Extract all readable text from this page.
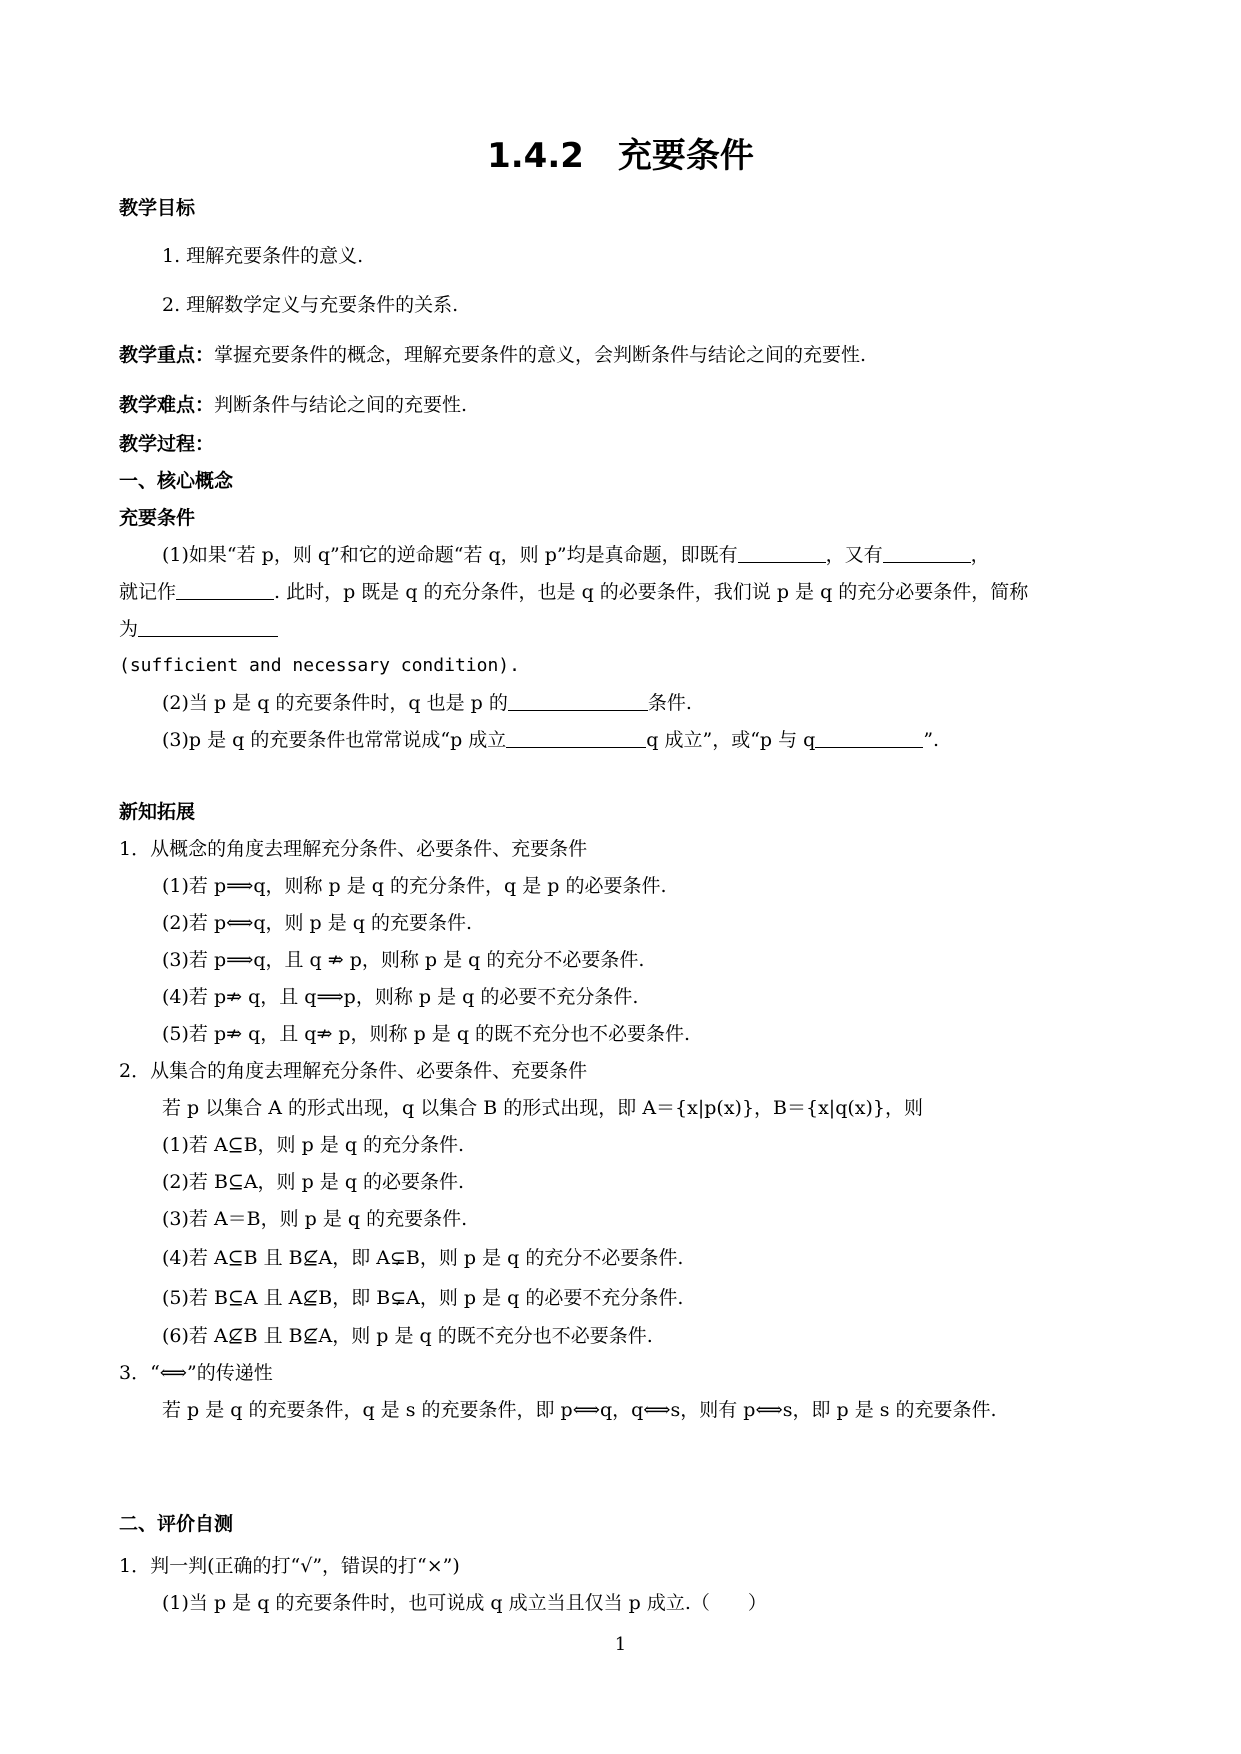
1.4.2　充要条件
教学目标
1. 理解充要条件的意义.
2. 理解数学定义与充要条件的关系.
教学重点：掌握充要条件的概念，理解充要条件的意义，会判断条件与结论之间的充要性.
教学难点：判断条件与结论之间的充要性.
教学过程：
一、核心概念
充要条件
(1)如果“若 p，则 q”和它的逆命题“若 q，则 p”均是真命题，即既有	，又有	，
就记作	. 此时，p 既是 q 的充分条件，也是 q 的必要条件，我们说 p 是 q 的充分必要条件，简称
为
(sufficient and necessary condition).
(2)当 p 是 q 的充要条件时，q 也是 p 的	条件.
(3)p 是 q 的充要条件也常常说成“p 成立	q 成立”，或“p 与 q	”.
新知拓展
1．从概念的角度去理解充分条件、必要条件、充要条件
(1)若 p⟹q，则称 p 是 q 的充分条件，q 是 p 的必要条件.
(2)若 p⟺q，则 p 是 q 的充要条件.
(3)若 p⟹q，且 q ⇏ p，则称 p 是 q 的充分不必要条件.
(4)若 p⇏ q，且 q⟹p，则称 p 是 q 的必要不充分条件.
(5)若 p⇏ q，且 q⇏ p，则称 p 是 q 的既不充分也不必要条件.
2．从集合的角度去理解充分条件、必要条件、充要条件
若 p 以集合 A 的形式出现，q 以集合 B 的形式出现，即 A＝{x|p(x)}，B＝{x|q(x)}，则
(1)若 A⊆B，则 p 是 q 的充分条件.
(2)若 B⊆A，则 p 是 q 的必要条件.
(3)若 A＝B，则 p 是 q 的充要条件.
(4)若 A⊆B 且 B⊈A，即 A⊊B，则 p 是 q 的充分不必要条件.
(5)若 B⊆A 且 A⊈B，即 B⊊A，则 p 是 q 的必要不充分条件.
(6)若 A⊈B 且 B⊈A，则 p 是 q 的既不充分也不必要条件.
3．“⟺”的传递性
若 p 是 q 的充要条件，q 是 s 的充要条件，即 p⟺q，q⟺s，则有 p⟺s，即 p 是 s 的充要条件.
二、评价自测
1．判一判(正确的打“√”，错误的打“×”)
(1)当 p 是 q 的充要条件时，也可说成 q 成立当且仅当 p 成立.（　　）
1
